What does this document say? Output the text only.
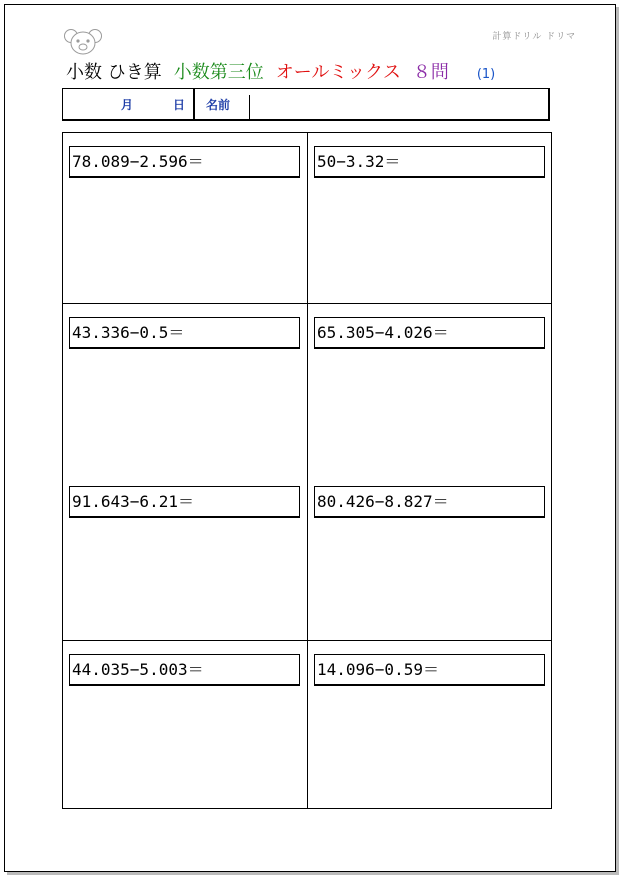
計算ドリル ドリマ
小数 ひき算 小数第三位 オールミックス ８問 (1)
月	日 名前
78.089−2.596＝	50−3.32＝
43.336−0.5＝	65.305−4.026＝
91.643−6.21＝	80.426−8.827＝
44.035−5.003＝	14.096−0.59＝
